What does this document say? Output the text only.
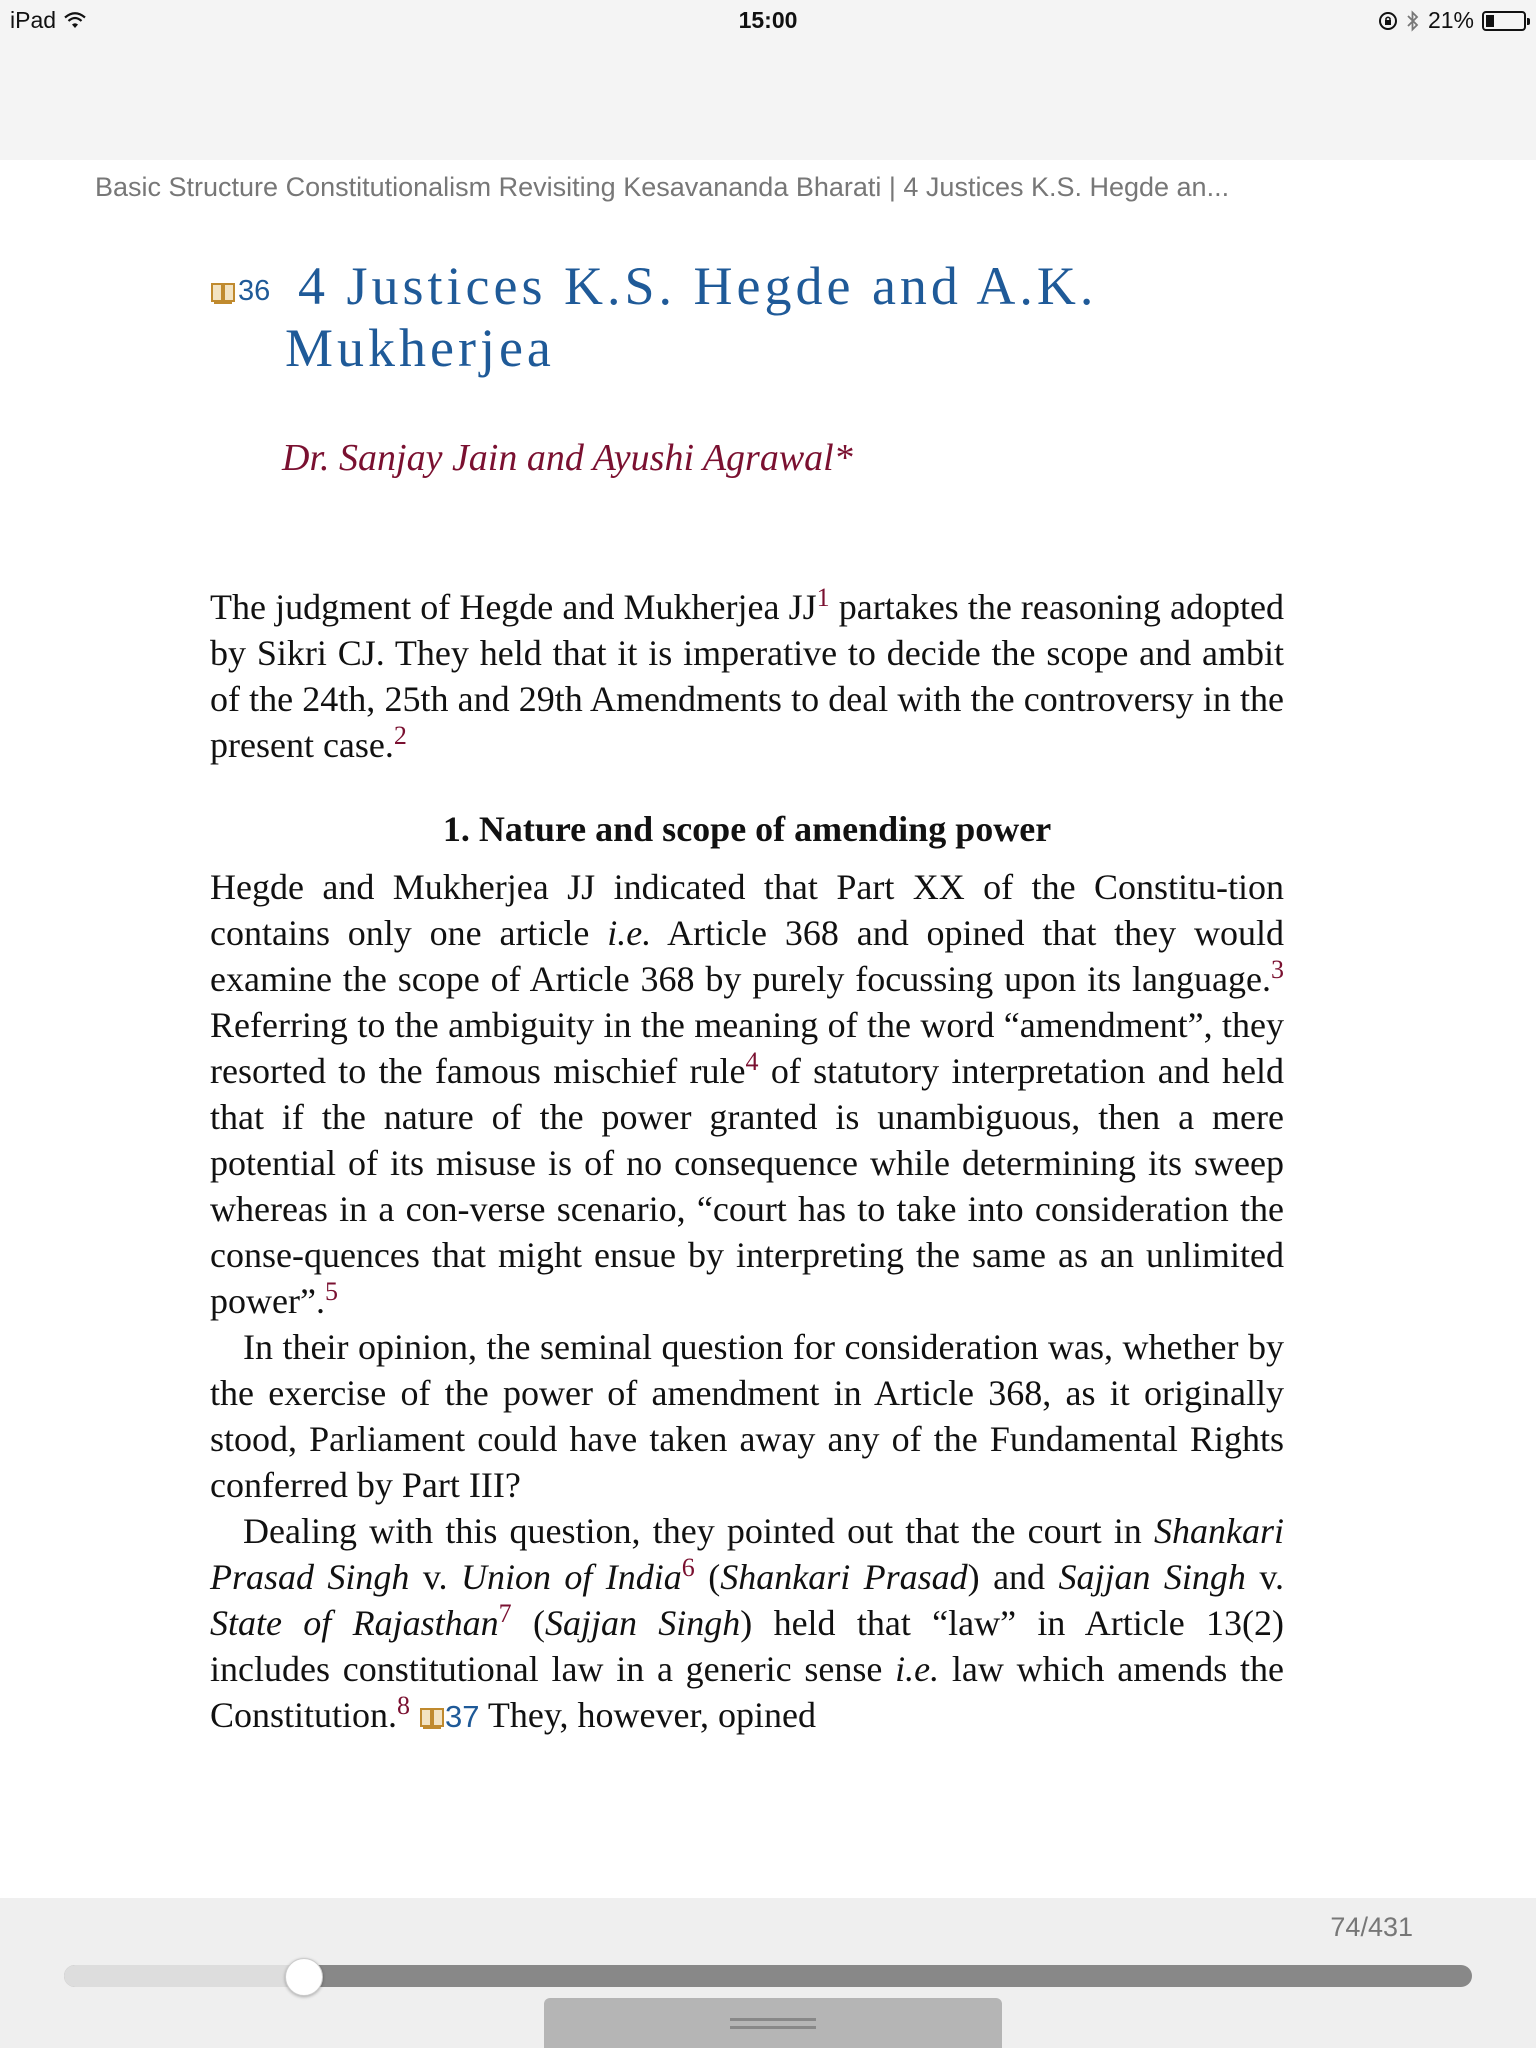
iPad	15:00	21%
Basic Structure Constitutionalism Revisiting Kesavananda Bharati | 4 Justices K.S. Hegde an...
36 4 Justices K.S. Hegde and A.K.
Mukherjea
Dr. Sanjay Jain and Ayushi Agrawal*

The judgment of Hegde and Mukherjea $JJ^1$ partakes the reasoning adopted by Sikri CJ. They held that it is imperative to decide the scope and ambit of the 24th, 25th and 29th Amendments to deal with the controversy in the present case.$^2$

1. Nature and scope of amending power

Hegde and Mukherjea JJ indicated that Part XX of the Constitu-tion contains only one article i.e. Article 368 and opined that they would examine the scope of Article 368 by purely focussing upon its language.$^3$ Referring to the ambiguity in the meaning of the word “amendment”, they resorted to the famous mischief rule$^4$ of statutory interpretation and held that if the nature of the power granted is unambiguous, then a mere potential of its misuse is of no consequence while determining its sweep whereas in a con-verse scenario, “court has to take into consideration the conse-quences that might ensue by interpreting the same as an unlimited power”.$^5$

In their opinion, the seminal question for consideration was, whether by the exercise of the power of amendment in Article 368, as it originally stood, Parliament could have taken away any of the Fundamental Rights conferred by Part III?

Dealing with this question, they pointed out that the court in Shankari Prasad Singh v. Union of India$^6$ (Shankari Prasad) and Sajjan Singh v. State of Rajasthan$^7$ (Sajjan Singh) held that “law” in Article 13(2) includes constitutional law in a generic sense i.e. law which amends the Constitution.$^8$ 37 They, however, opined

74/431
